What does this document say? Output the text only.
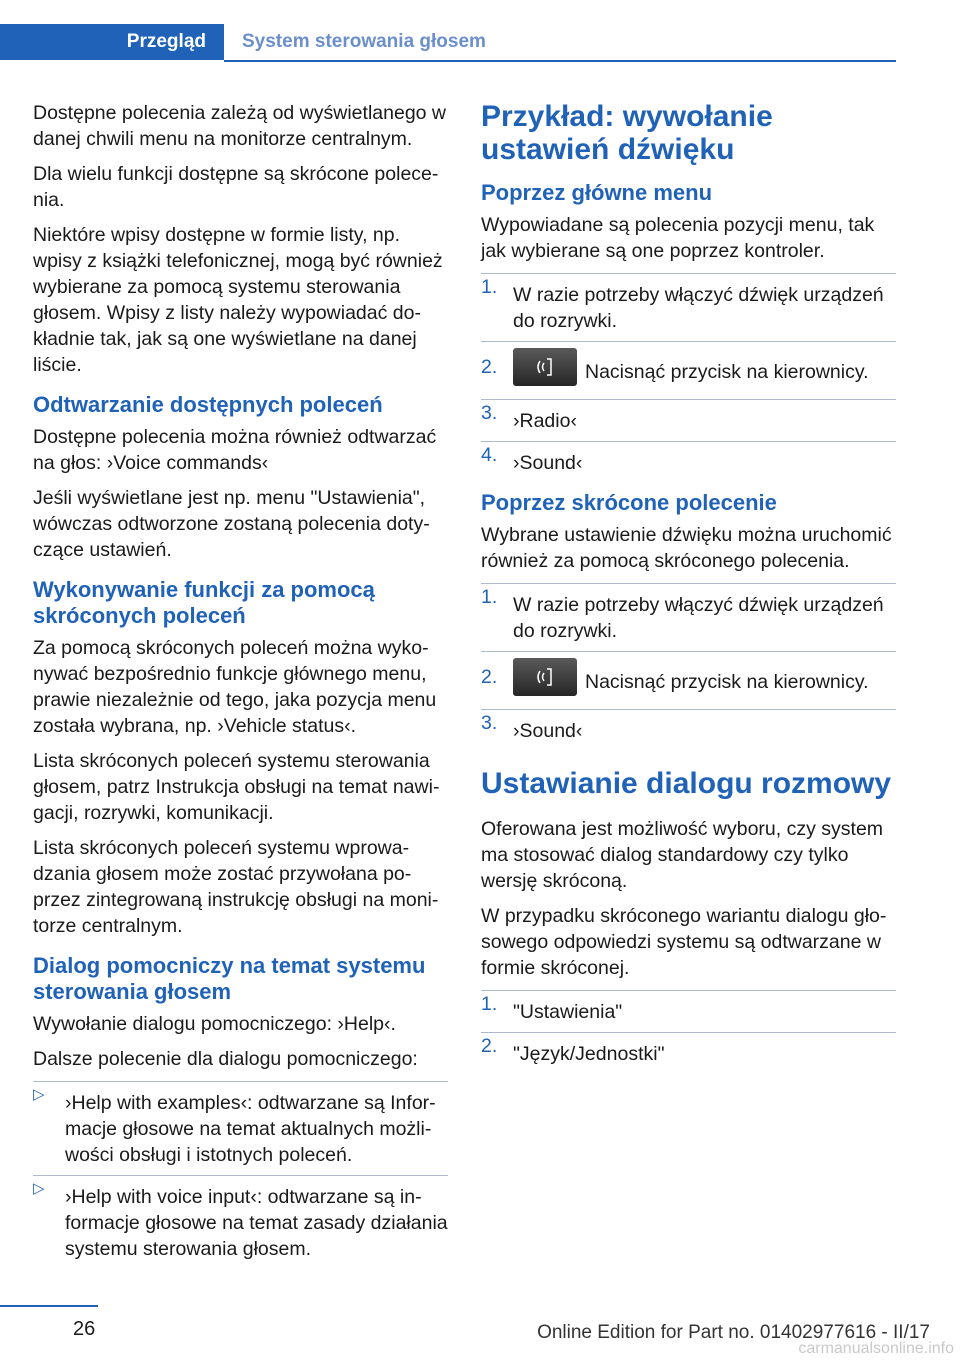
Przegląd	System sterowania głosem

Dostępne polecenia zależą od wyświetlanego w danej chwili menu na monitorze centralnym.

Dla wielu funkcji dostępne są skrócone polecenia.

Niektóre wpisy dostępne w formie listy, np. wpisy z książki telefonicznej, mogą być również wybierane za pomocą systemu sterowania głosem. Wpisy z listy należy wypowiadać dokładnie tak, jak są one wyświetlane na danej liście.

Odtwarzanie dostępnych poleceń

Dostępne polecenia można również odtwarzać na głos: ›Voice commands‹

Jeśli wyświetlane jest np. menu "Ustawienia", wówczas odtworzone zostaną polecenia dotyczące ustawień.

Wykonywanie funkcji za pomocą skróconych poleceń

Za pomocą skróconych poleceń można wykonywać bezpośrednio funkcje głównego menu, prawie niezależnie od tego, jaka pozycja menu została wybrana, np. ›Vehicle status‹.

Lista skróconych poleceń systemu sterowania głosem, patrz Instrukcja obsługi na temat nawigacji, rozrywki, komunikacji.

Lista skróconych poleceń systemu wprowadzania głosem może zostać przywołana poprzez zintegrowaną instrukcję obsługi na monitorze centralnym.

Dialog pomocniczy na temat systemu sterowania głosem

Wywołanie dialogu pomocniczego: ›Help‹.

Dalsze polecenie dla dialogu pomocniczego:

▷ ›Help with examples‹: odtwarzane są Informacje głosowe na temat aktualnych możliwości obsługi i istotnych poleceń.
▷ ›Help with voice input‹: odtwarzane są informacje głosowe na temat zasady działania systemu sterowania głosem.
Przykład: wywołanie ustawień dźwięku
Poprzez główne menu

Wypowiadane są polecenia pozycji menu, tak jak wybierane są one poprzez kontroler.

1. W razie potrzeby włączyć dźwięk urządzeń do rozrywki.
2.	Nacisnąć przycisk na kierownicy.
3. ›Radio‹
4. ›Sound‹
Poprzez skrócone polecenie

Wybrane ustawienie dźwięku można uruchomić również za pomocą skróconego polecenia.

1. W razie potrzeby włączyć dźwięk urządzeń do rozrywki.
2.	Nacisnąć przycisk na kierownicy.
3. ›Sound‹
Ustawianie dialogu rozmowy

Oferowana jest możliwość wyboru, czy system ma stosować dialog standardowy czy tylko wersję skróconą.

W przypadku skróconego wariantu dialogu głosowego odpowiedzi systemu są odtwarzane w formie skróconej.

1. "Ustawienia"
2. "Język/Jednostki"
26	Online Edition for Part no. 01402977616 - II/17
carmanualsonline.info
